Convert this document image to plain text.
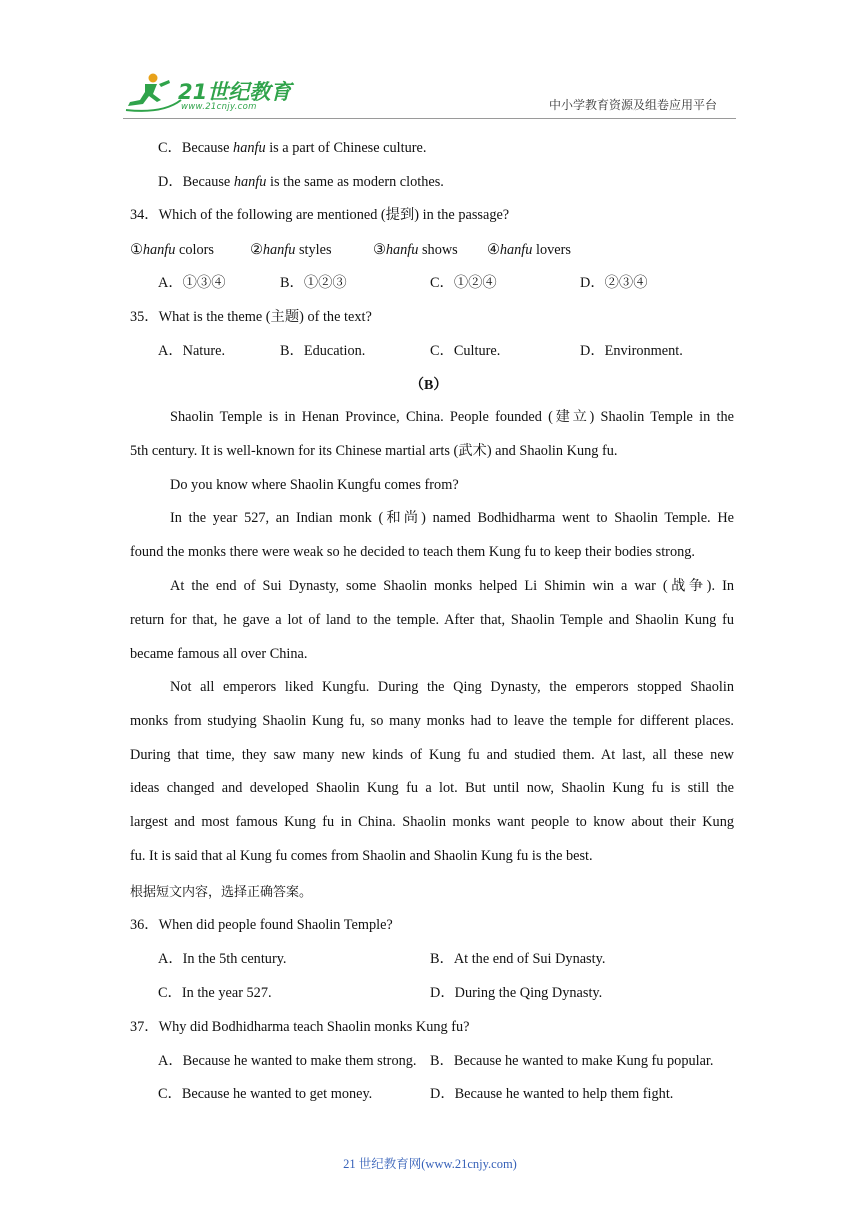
21世纪教育
www.21cnjy.com	中小学教育资源及组卷应用平台
C．Because hanfu is a part of Chinese culture.
D．Because hanfu is the same as modern clothes.
34．Which of the following are mentioned (提到) in the passage?
①hanfu colors	②hanfu styles	③hanfu shows ④hanfu lovers
A．①③④	B．①②③	C．①②④	D．②③④
35．What is the theme (主题) of the text?
A．Nature.	B．Education.	C．Culture.	D．Environment.
（B）
Shaolin Temple is in Henan Province, China. People founded (建立) Shaolin Temple in the
5th century. It is well-known for its Chinese martial arts (武术) and Shaolin Kung fu.
Do you know where Shaolin Kungfu comes from?
In the year 527, an Indian monk (和尚) named Bodhidharma went to Shaolin Temple. He
found the monks there were weak so he decided to teach them Kung fu to keep their bodies strong.
At the end of Sui Dynasty, some Shaolin monks helped Li Shimin win a war (战争). In
return for that, he gave a lot of land to the temple. After that, Shaolin Temple and Shaolin Kung fu
became famous all over China.
Not all emperors liked Kungfu. During the Qing Dynasty, the emperors stopped Shaolin
monks from studying Shaolin Kung fu, so many monks had to leave the temple for different places.
During that time, they saw many new kinds of Kung fu and studied them. At last, all these new
ideas changed and developed Shaolin Kung fu a lot. But until now, Shaolin Kung fu is still the
largest and most famous Kung fu in China. Shaolin monks want people to know about their Kung
fu. It is said that al Kung fu comes from Shaolin and Shaolin Kung fu is the best.
根据短文内容，选择正确答案。
36．When did people found Shaolin Temple?
A．In the 5th century.	B．At the end of Sui Dynasty.
C．In the year 527.	D．During the Qing Dynasty.
37．Why did Bodhidharma teach Shaolin monks Kung fu?
A．Because he wanted to make them strong. B．Because he wanted to make Kung fu popular.
C．Because he wanted to get money.	D．Because he wanted to help them fight.
21 世纪教育网(www.21cnjy.com)
